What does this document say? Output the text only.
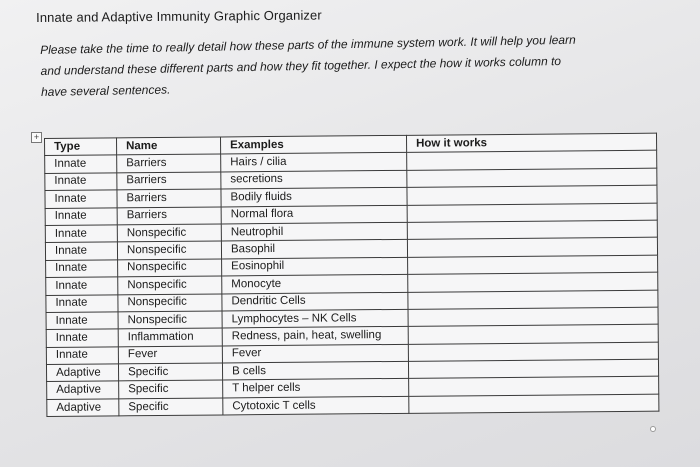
Innate and Adaptive Immunity Graphic Organizer
Please take the time to really detail how these parts of the immune system work. It will help you learn
and understand these different parts and how they fit together. I expect the how it works column to
have several sentences.
+
Type	Name	Examples	How it works
Innate	Barriers	Hairs / cilia	
Innate	Barriers	secretions	
Innate	Barriers	Bodily fluids	
Innate	Barriers	Normal flora	
Innate	Nonspecific	Neutrophil	
Innate	Nonspecific	Basophil	
Innate	Nonspecific	Eosinophil	
Innate	Nonspecific	Monocyte	
Innate	Nonspecific	Dendritic Cells	
Innate	Nonspecific	Lymphocytes – NK Cells	
Innate	Inflammation	Redness, pain, heat, swelling	
Innate	Fever	Fever	
Adaptive	Specific	B cells	
Adaptive	Specific	T helper cells	
Adaptive	Specific	Cytotoxic T cells	
